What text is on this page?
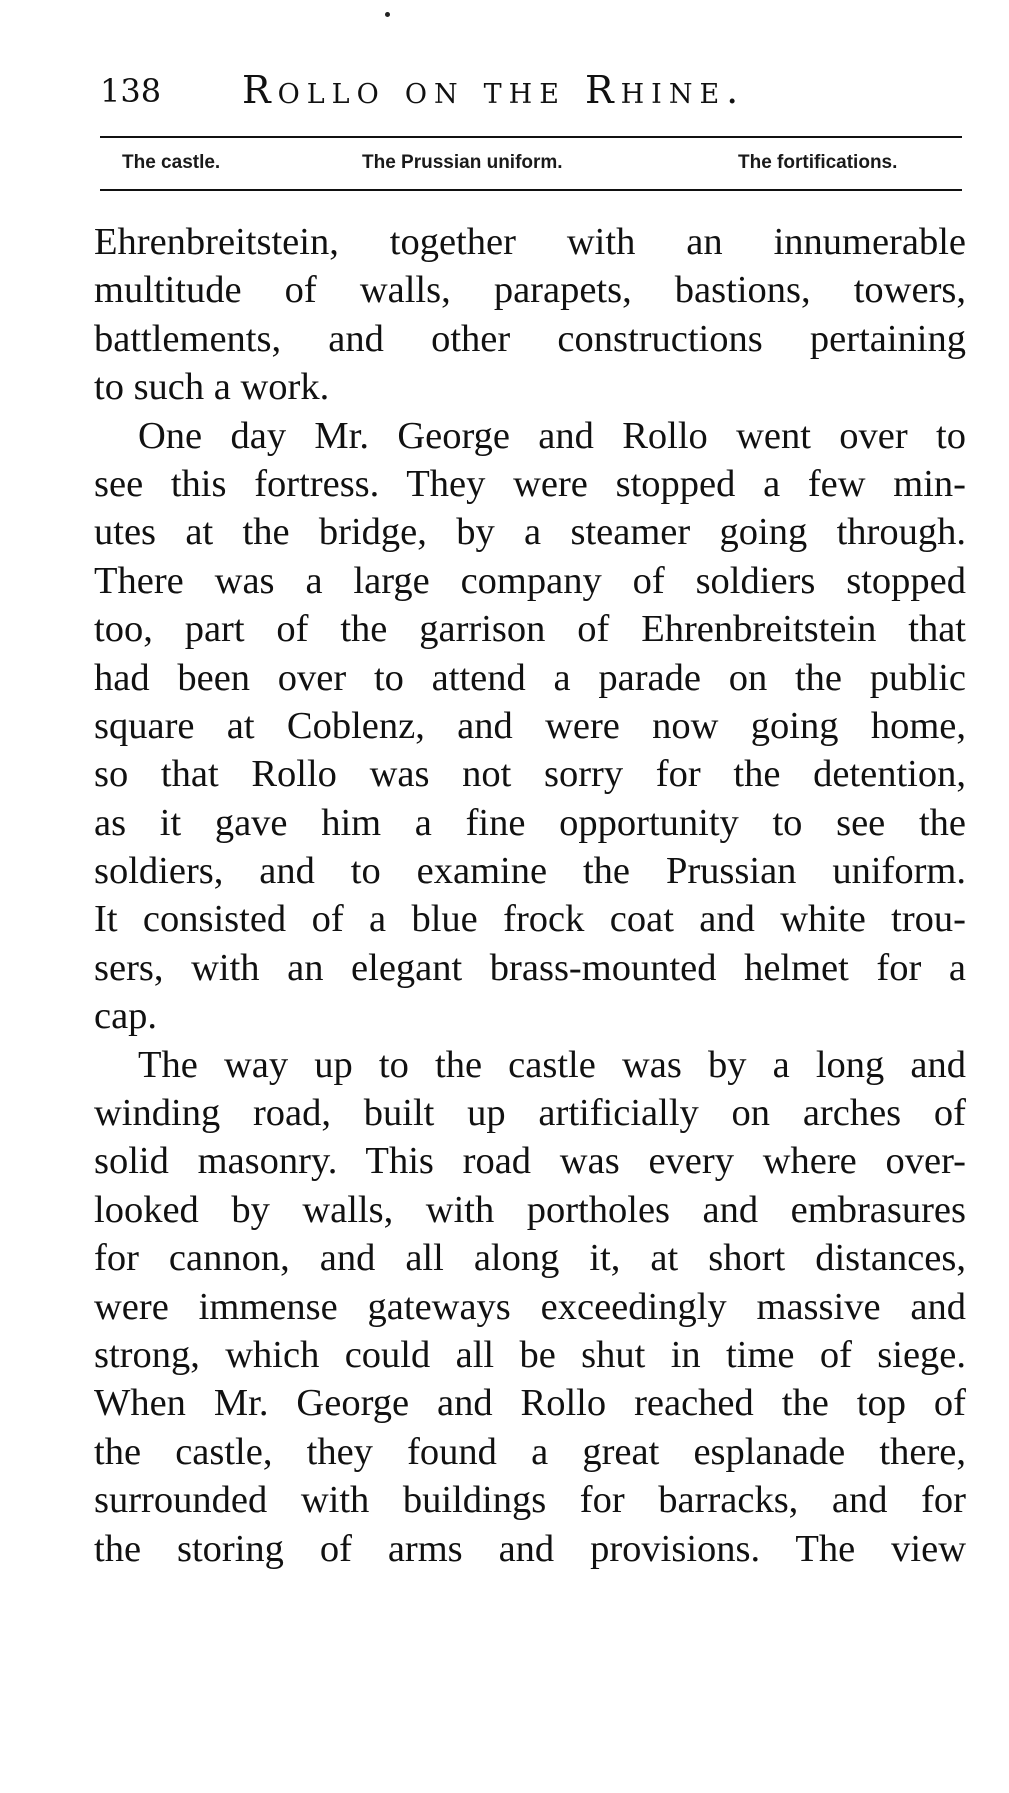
138 Rollo on the Rhine.
The castle.	The Prussian uniform.	The fortifications.
Ehrenbreitstein, together with an innumerable
multitude of walls, parapets, bastions, towers,
battlements, and other constructions pertaining
to such a work.
One day Mr. George and Rollo went over to
see this fortress. They were stopped a few min-
utes at the bridge, by a steamer going through.
There was a large company of soldiers stopped
too, part of the garrison of Ehrenbreitstein that
had been over to attend a parade on the public
square at Coblenz, and were now going home,
so that Rollo was not sorry for the detention,
as it gave him a fine opportunity to see the
soldiers, and to examine the Prussian uniform.
It consisted of a blue frock coat and white trou-
sers, with an elegant brass-mounted helmet for a
cap.
The way up to the castle was by a long and
winding road, built up artificially on arches of
solid masonry. This road was every where over-
looked by walls, with portholes and embrasures
for cannon, and all along it, at short distances,
were immense gateways exceedingly massive and
strong, which could all be shut in time of siege.
When Mr. George and Rollo reached the top of
the castle, they found a great esplanade there,
surrounded with buildings for barracks, and for
the storing of arms and provisions. The view
